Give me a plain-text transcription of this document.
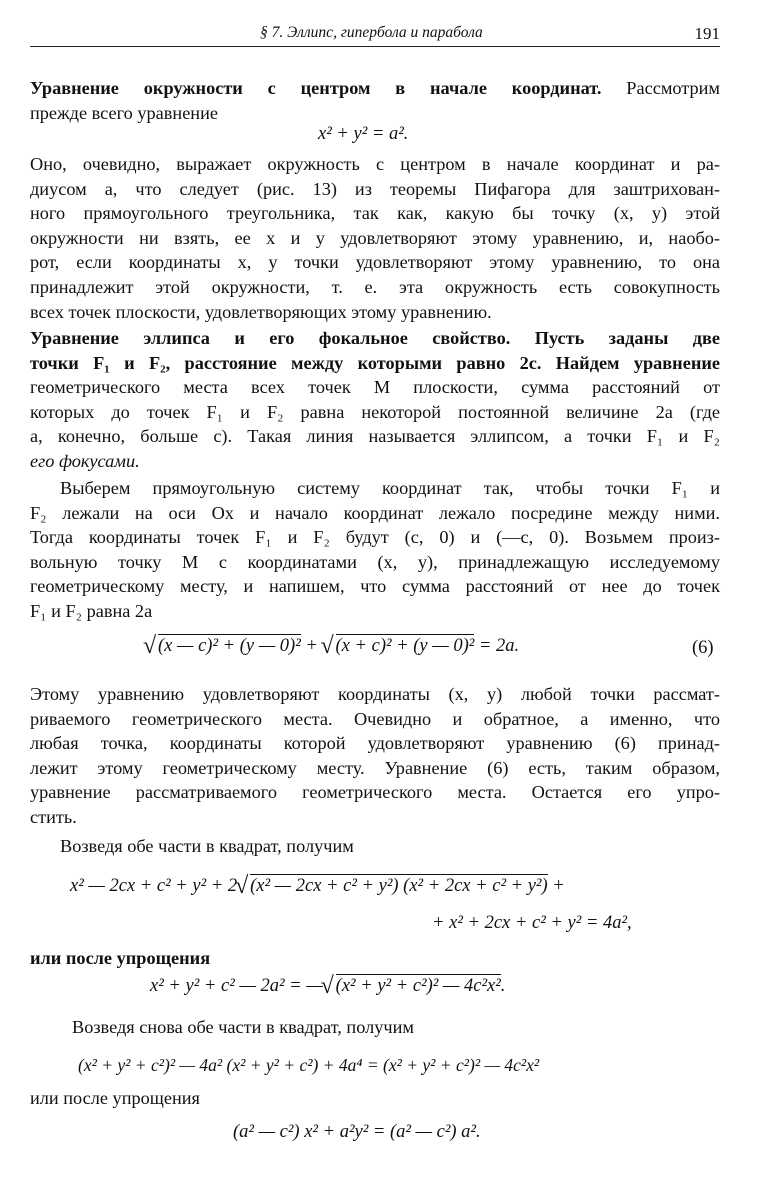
§ 7. Эллипс, гипербола и парабола	191
Уравнение окружности с центром в начале координат. Рассмотрим
прежде всего уравнение
x² + y² = a².
Оно, очевидно, выражает окружность с центром в начале координат и ра-
диусом a, что следует (рис. 13) из теоремы Пифагора для заштрихован-
ного прямоугольного треугольника, так как, какую бы точку (x, y) этой
окружности ни взять, ее x и y удовлетворяют этому уравнению, и, наобо-
рот, если координаты x, y точки удовлетворяют этому уравнению, то она
принадлежит этой окружности, т. е. эта окружность есть совокупность
всех точек плоскости, удовлетворяющих этому уравнению.
Уравнение эллипса и его фокальное свойство. Пусть заданы две
точки F₁ и F₂, расстояние между которыми равно 2c. Найдем уравнение
геометрического места всех точек M плоскости, сумма расстояний от
которых до точек F₁ и F₂ равна некоторой постоянной величине 2a (где
a, конечно, больше c). Такая линия называется эллипсом, а точки F₁ и F₂
его фокусами.
Выберем прямоугольную систему координат так, чтобы точки F₁ и
F₂ лежали на оси Ox и начало координат лежало посредине между ними.
Тогда координаты точек F₁ и F₂ будут (c, 0) и (—c, 0). Возьмем произ-
вольную точку M с координатами (x, y), принадлежащую исследуемому
геометрическому месту, и напишем, что сумма расстояний от нее до точек
F₁ и F₂ равна 2a
√ (x — c)² + (y — 0)² + √ (x + c)² + (y — 0)² = 2a.	(6)
Этому уравнению удовлетворяют координаты (x, y) любой точки рассмат-
риваемого геометрического места. Очевидно и обратное, а именно, что
любая точка, координаты которой удовлетворяют уравнению (6) принад-
лежит этому геометрическому месту. Уравнение (6) есть, таким образом,
уравнение рассматриваемого геометрического места. Остается его упро-
стить.
Возведя обе части в квадрат, получим
x² — 2cx + c² + y² + 2
√ (x² — 2cx + c² + y²) (x² + 2cx + c² + y²) +
+ x² + 2cx + c² + y² = 4a²,
или после упрощения
x² + y² + c² — 2a² = —
√ (x² + y² + c²)² — 4c²x².
Возведя снова обе части в квадрат, получим
(x² + y² + c²)² — 4a² (x² + y² + c²) + 4a⁴ = (x² + y² + c²)² — 4c²x²
или после упрощения
(a² — c²) x² + a²y² = (a² — c²) a².
